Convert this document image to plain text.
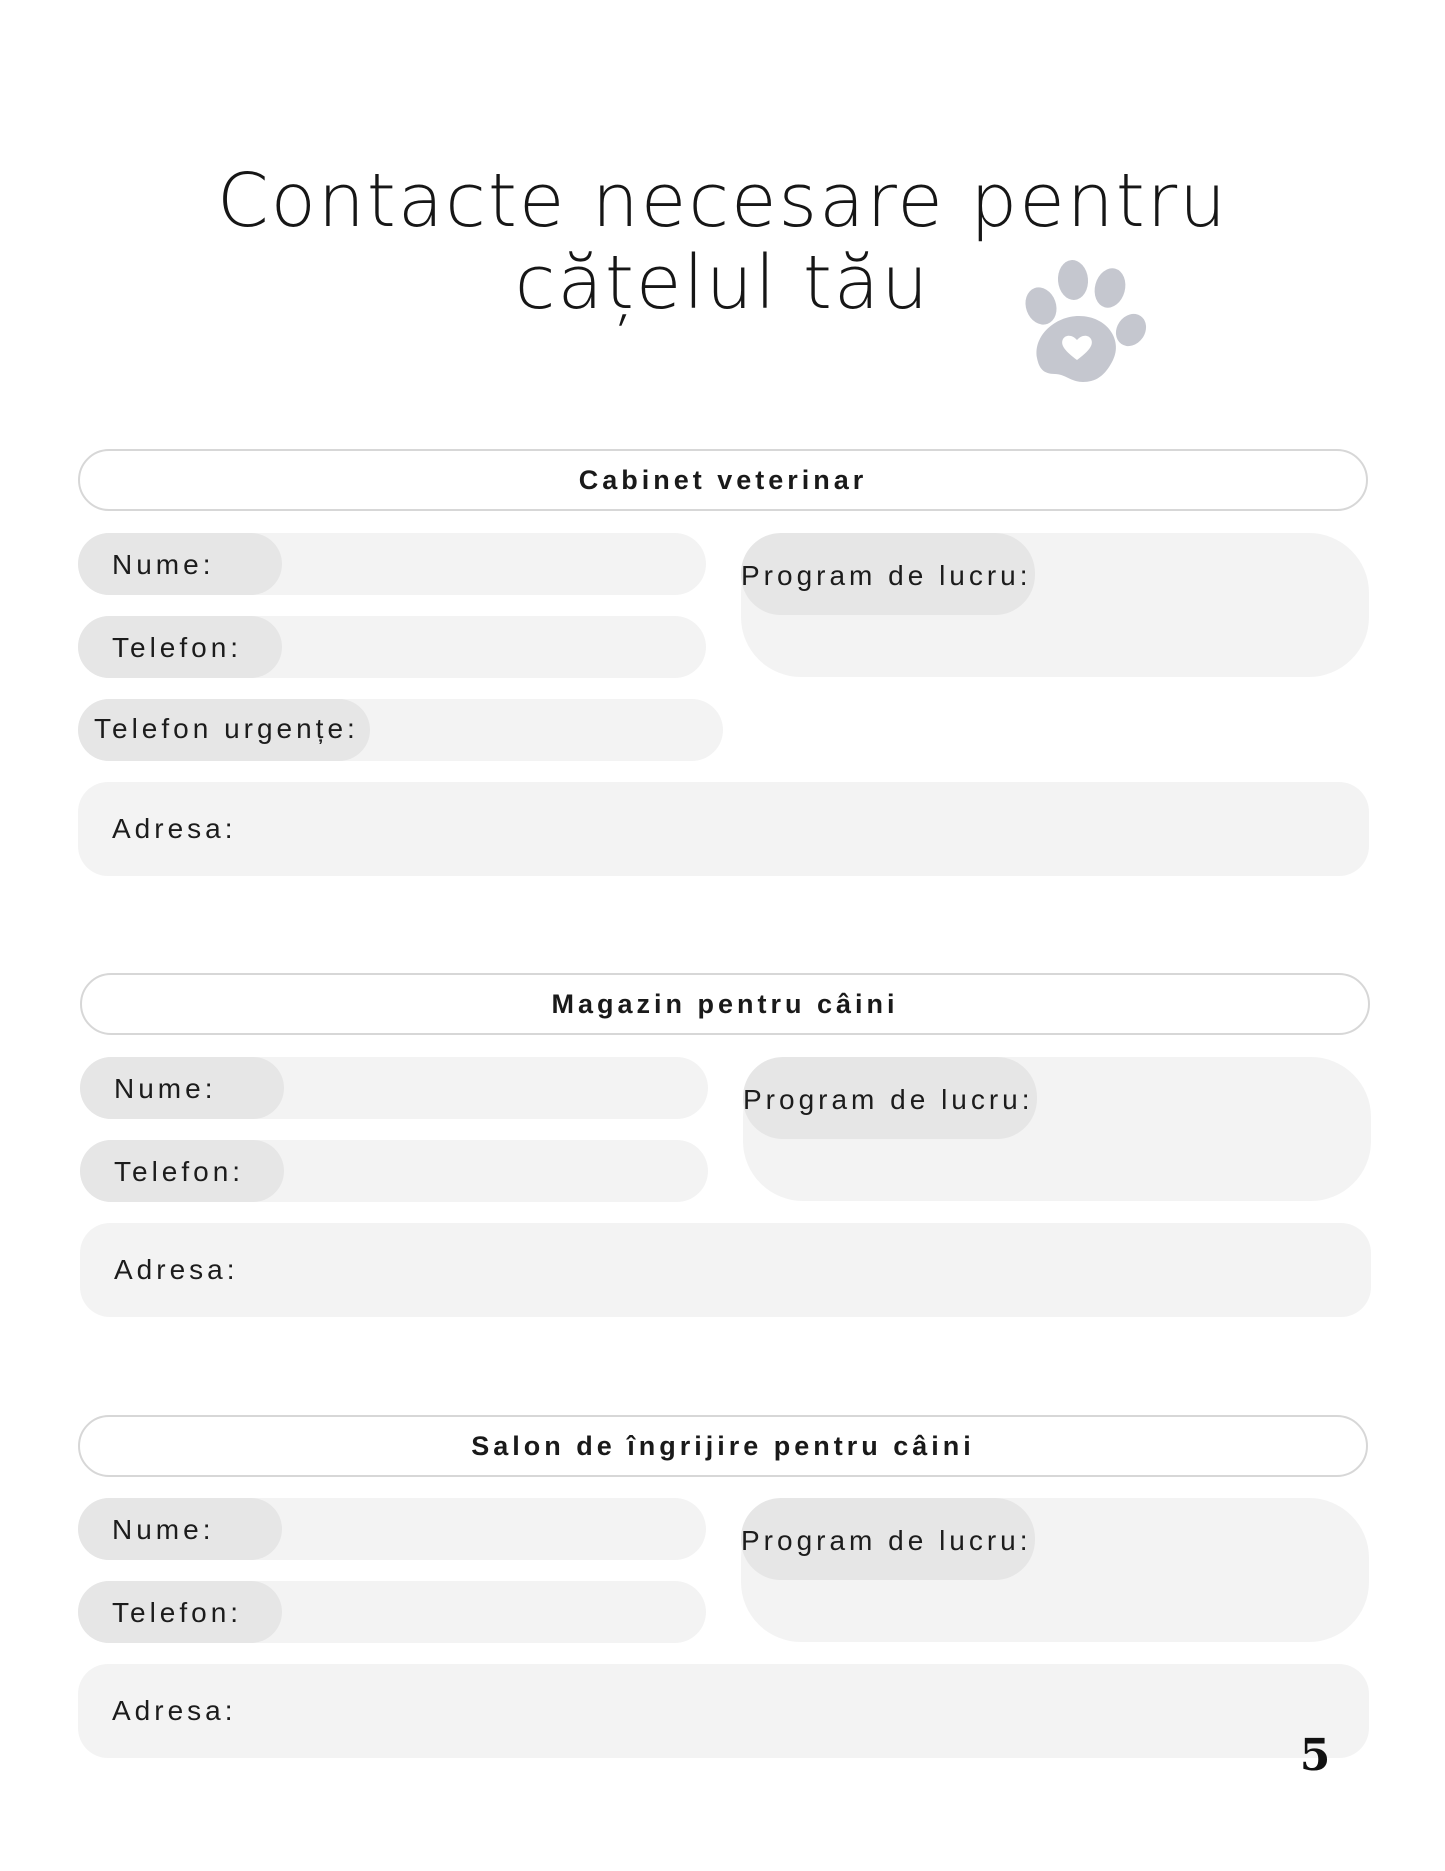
Contacte necesare pentru
cățelul tău
Cabinet veterinar
Nume:
Telefon:
Telefon urgențe:
Program de lucru:
Adresa:
Magazin pentru câini
Nume:
Telefon:
Program de lucru:
Adresa:
Salon de îngrijire pentru câini
Nume:
Telefon:
Program de lucru:
Adresa:
5
